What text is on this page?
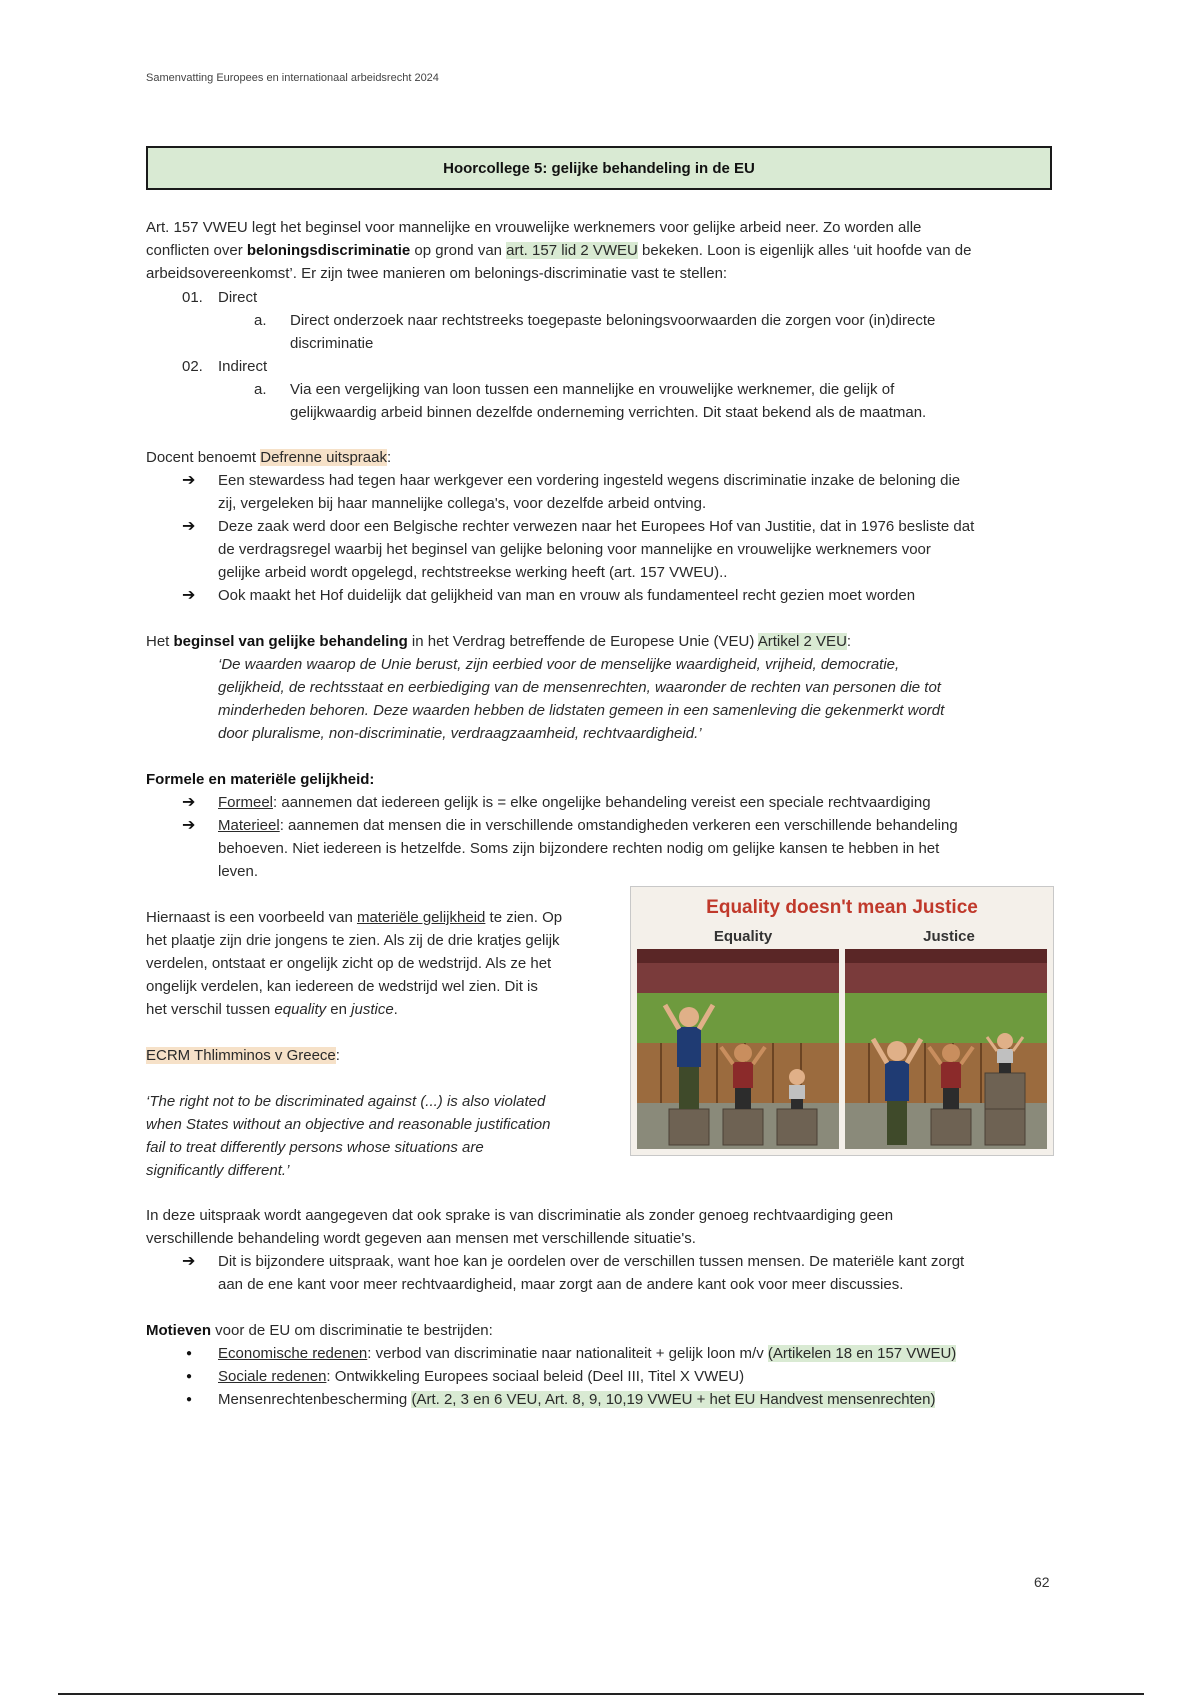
Samenvatting Europees en internationaal arbeidsrecht 2024
Hoorcollege 5: gelijke behandeling in de EU
Art. 157 VWEU legt het beginsel voor mannelijke en vrouwelijke werknemers voor gelijke arbeid neer. Zo worden alle
conflicten over beloningsdiscriminatie op grond van art. 157 lid 2 VWEU bekeken. Loon is eigenlijk alles ‘uit hoofde van de
arbeidsovereenkomst’. Er zijn twee manieren om belonings-discriminatie vast te stellen:
01. Direct
a. Direct onderzoek naar rechtstreeks toegepaste beloningsvoorwaarden die zorgen voor (in)directe
discriminatie
02. Indirect
a. Via een vergelijking van loon tussen een mannelijke en vrouwelijke werknemer, die gelijk of
gelijkwaardig arbeid binnen dezelfde onderneming verrichten. Dit staat bekend als de maatman.
Docent benoemt Defrenne uitspraak:
➔ Een stewardess had tegen haar werkgever een vordering ingesteld wegens discriminatie inzake de beloning die
zij, vergeleken bij haar mannelijke collega's, voor dezelfde arbeid ontving.
➔ Deze zaak werd door een Belgische rechter verwezen naar het Europees Hof van Justitie, dat in 1976 besliste dat
de verdragsregel waarbij het beginsel van gelijke beloning voor mannelijke en vrouwelijke werknemers voor
gelijke arbeid wordt opgelegd, rechtstreekse werking heeft (art. 157 VWEU)..
➔ Ook maakt het Hof duidelijk dat gelijkheid van man en vrouw als fundamenteel recht gezien moet worden
Het beginsel van gelijke behandeling in het Verdrag betreffende de Europese Unie (VEU) Artikel 2 VEU:
‘De waarden waarop de Unie berust, zijn eerbied voor de menselijke waardigheid, vrijheid, democratie,
gelijkheid, de rechtsstaat en eerbiediging van de mensenrechten, waaronder de rechten van personen die tot
minderheden behoren. Deze waarden hebben de lidstaten gemeen in een samenleving die gekenmerkt wordt
door pluralisme, non-discriminatie, verdraagzaamheid, rechtvaardigheid.’
Formele en materiële gelijkheid:
➔ Formeel: aannemen dat iedereen gelijk is = elke ongelijke behandeling vereist een speciale rechtvaardiging
➔ Materieel: aannemen dat mensen die in verschillende omstandigheden verkeren een verschillende behandeling
behoeven. Niet iedereen is hetzelfde. Soms zijn bijzondere rechten nodig om gelijke kansen te hebben in het
leven.
Hiernaast is een voorbeeld van materiële gelijkheid te zien. Op
het plaatje zijn drie jongens te zien. Als zij de drie kratjes gelijk
verdelen, ontstaat er ongelijk zicht op de wedstrijd. Als ze het
ongelijk verdelen, kan iedereen de wedstrijd wel zien. Dit is
het verschil tussen equality en justice.
ECRM Thlimminos v Greece:
‘The right not to be discriminated against (...) is also violated
when States without an objective and reasonable justification
fail to treat differently persons whose situations are
significantly different.’
Equality doesn't mean Justice
Equality	Justice
In deze uitspraak wordt aangegeven dat ook sprake is van discriminatie als zonder genoeg rechtvaardiging geen
verschillende behandeling wordt gegeven aan mensen met verschillende situatie's.
➔ Dit is bijzondere uitspraak, want hoe kan je oordelen over de verschillen tussen mensen. De materiële kant zorgt
aan de ene kant voor meer rechtvaardigheid, maar zorgt aan de andere kant ook voor meer discussies.
Motieven voor de EU om discriminatie te bestrijden:
● Economische redenen: verbod van discriminatie naar nationaliteit + gelijk loon m/v (Artikelen 18 en 157 VWEU)
● Sociale redenen: Ontwikkeling Europees sociaal beleid (Deel III, Titel X VWEU)
● Mensenrechtenbescherming (Art. 2, 3 en 6 VEU, Art. 8, 9, 10,19 VWEU + het EU Handvest mensenrechten)
62
